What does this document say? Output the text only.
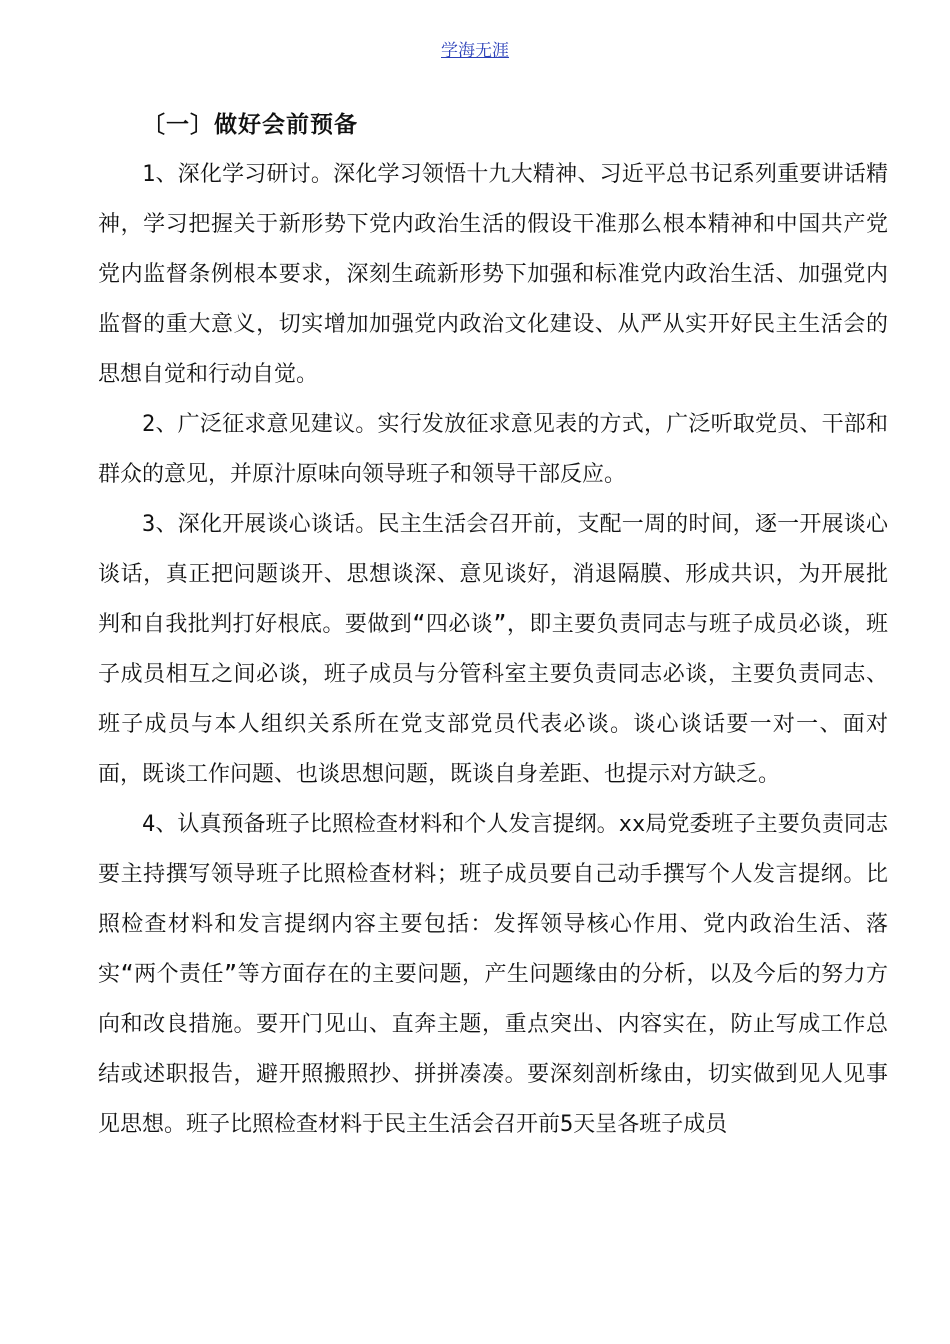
学海无涯
〔一〕做好会前预备

1、深化学习研讨。深化学习领悟十九大精神、习近平总书记系列重要讲话精神，学习把握关于新形势下党内政治生活的假设干准那么根本精神和中国共产党党内监督条例根本要求，深刻生疏新形势下加强和标准党内政治生活、加强党内监督的重大意义，切实增加加强党内政治文化建设、从严从实开好民主生活会的思想自觉和行动自觉。

2、广泛征求意见建议。实行发放征求意见表的方式，广泛听取党员、干部和群众的意见，并原汁原味向领导班子和领导干部反应。

3、深化开展谈心谈话。民主生活会召开前，支配一周的时间，逐一开展谈心谈话，真正把问题谈开、思想谈深、意见谈好，消退隔膜、形成共识，为开展批判和自我批判打好根底。要做到“四必谈”，即主要负责同志与班子成员必谈，班子成员相互之间必谈，班子成员与分管科室主要负责同志必谈，主要负责同志、班子成员与本人组织关系所在党支部党员代表必谈。谈心谈话要一对一、面对面，既谈工作问题、也谈思想问题，既谈自身差距、也提示对方缺乏。

4、认真预备班子比照检查材料和个人发言提纲。xx局党委班子主要负责同志要主持撰写领导班子比照检查材料；班子成员要自己动手撰写个人发言提纲。比照检查材料和发言提纲内容主要包括：发挥领导核心作用、党内政治生活、落实“两个责任”等方面存在的主要问题，产生问题缘由的分析，以及今后的努力方向和改良措施。要开门见山、直奔主题，重点突出、内容实在，防止写成工作总结或述职报告，避开照搬照抄、拼拼凑凑。要深刻剖析缘由，切实做到见人见事见思想。班子比照检查材料于民主生活会召开前5天呈各班子成员
